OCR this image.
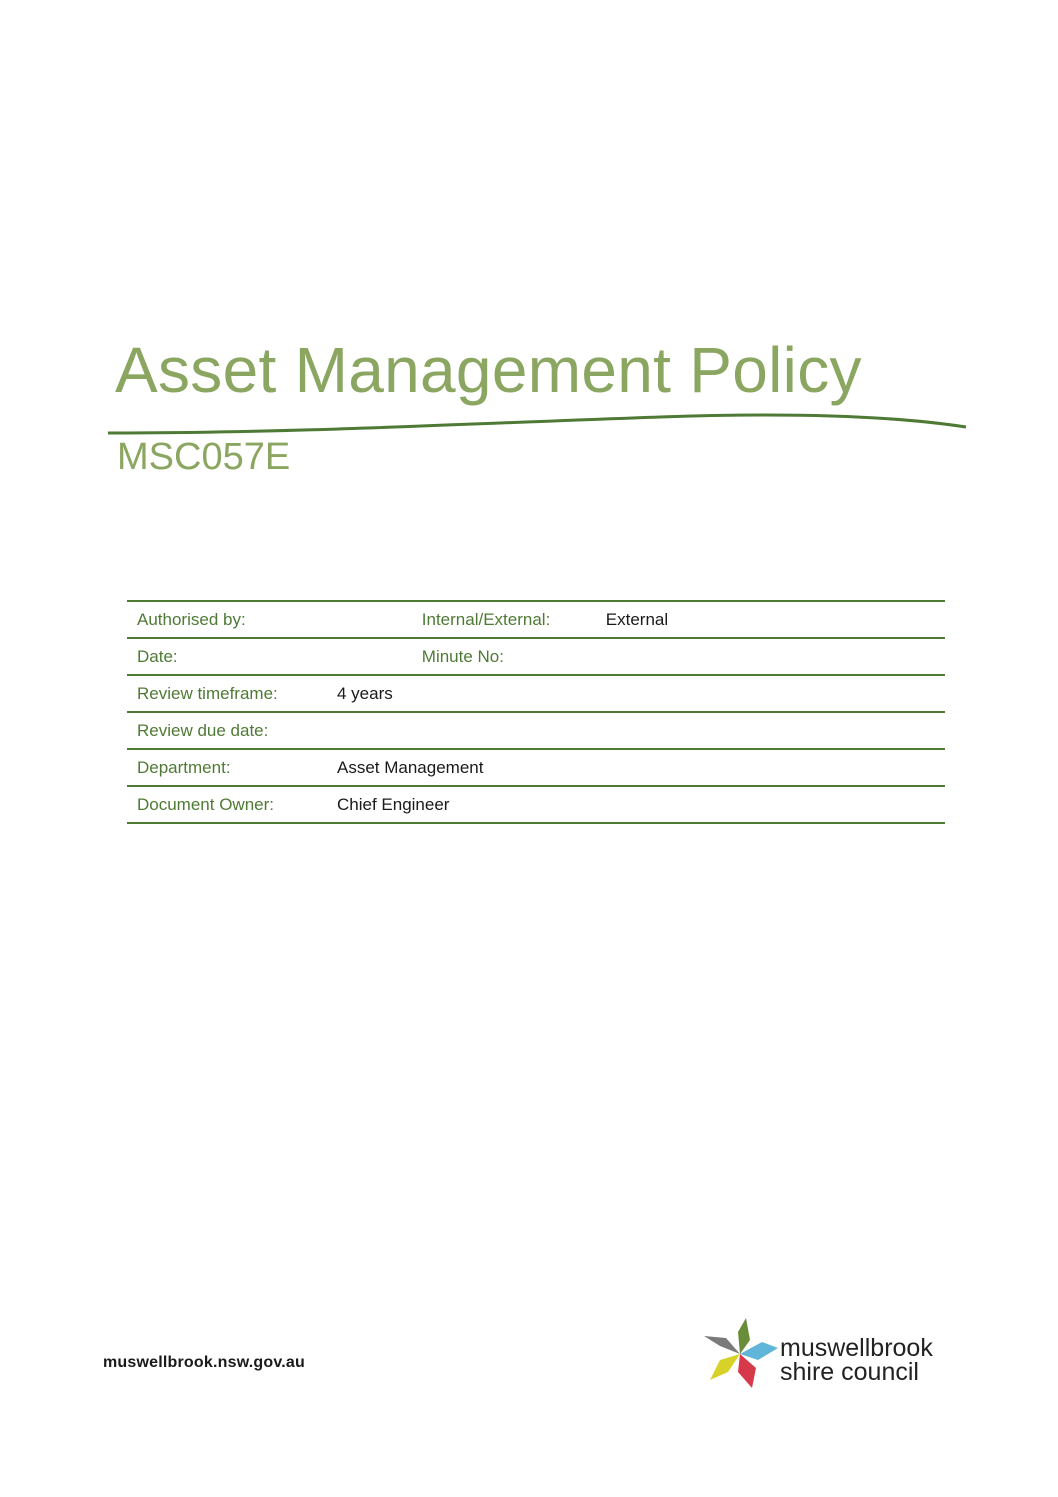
Asset Management Policy
MSC057E
Authorised by:		Internal/External:	External
Date:		Minute No:	
Review timeframe:	4 years		
Review due date:			
Department:	Asset Management		
Document Owner:	Chief Engineer		
muswellbrook.nsw.gov.au
muswellbrook
shire council
